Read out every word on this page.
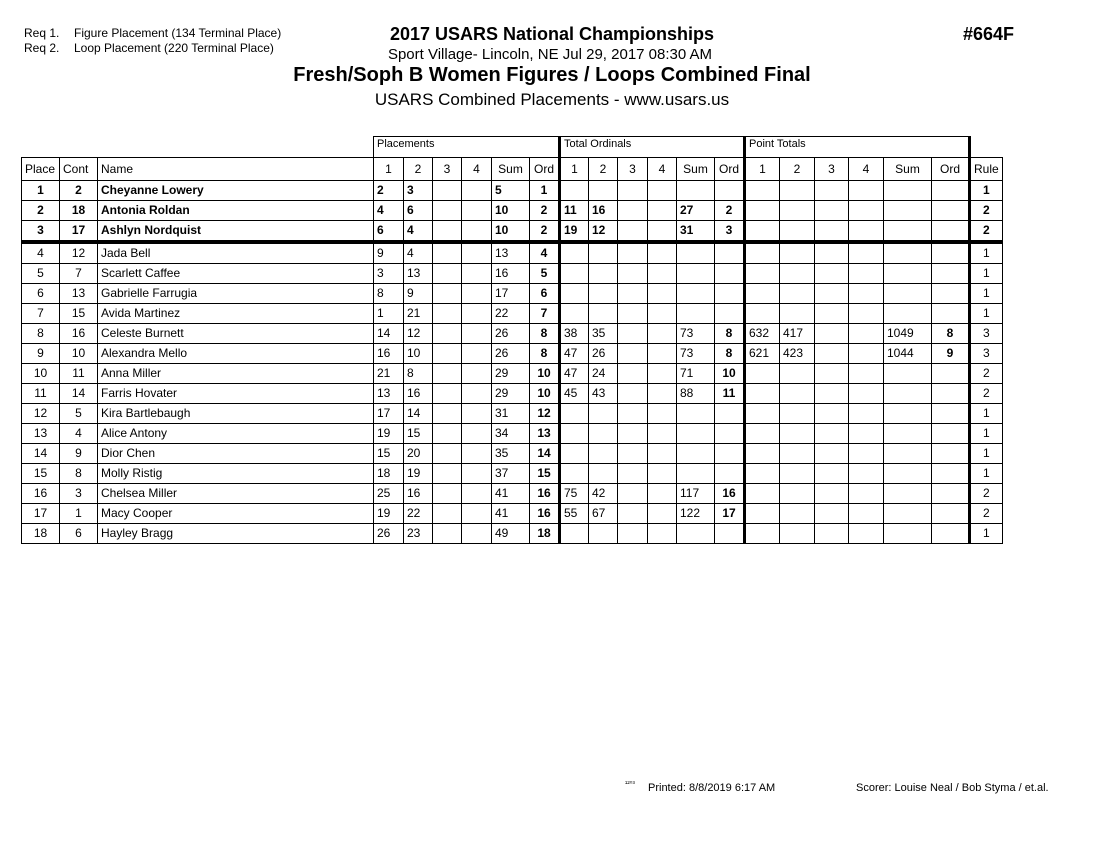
Req 1. Figure Placement (134 Terminal Place)
Req 2. Loop Placement (220 Terminal Place)
2017 USARS National Championships
Sport Village- Lincoln, NE Jul 29, 2017 08:30 AM
Fresh/Soph B Women Figures / Loops Combined Final
USARS Combined Placements - www.usars.us
#664F
			Placements						Total Ordinals						Point Totals						
Place	Cont	Name	1	2	3	4	Sum	Ord	1	2	3	4	Sum	Ord	1	2	3	4	Sum	Ord	Rule
1	2	Cheyanne Lowery	2	3			5	1													1
2	18	Antonia Roldan	4	6			10	2	11	16			27	2							2
3	17	Ashlyn Nordquist	6	4			10	2	19	12			31	3							2
4	12	Jada Bell	9	4			13	4													1
5	7	Scarlett Caffee	3	13			16	5													1
6	13	Gabrielle Farrugia	8	9			17	6													1
7	15	Avida Martinez	1	21			22	7													1
8	16	Celeste Burnett	14	12			26	8	38	35			73	8	632	417			1049	8	3
9	10	Alexandra Mello	16	10			26	8	47	26			73	8	621	423			1044	9	3
10	11	Anna Miller	21	8			29	10	47	24			71	10							2
11	14	Farris Hovater	13	16			29	10	45	43			88	11							2
12	5	Kira Bartlebaugh	17	14			31	12													1
13	4	Alice Antony	19	15			34	13													1
14	9	Dior Chen	15	20			35	14													1
15	8	Molly Ristig	18	19			37	15													1
16	3	Chelsea Miller	25	16			41	16	75	42			117	16							2
17	1	Macy Cooper	19	22			41	16	55	67			122	17							2
18	6	Hayley Bragg	26	23			49	18													1
¹²⁰³ Printed: 8/8/2019 6:17 AM	Scorer: Louise Neal / Bob Styma / et.al.
